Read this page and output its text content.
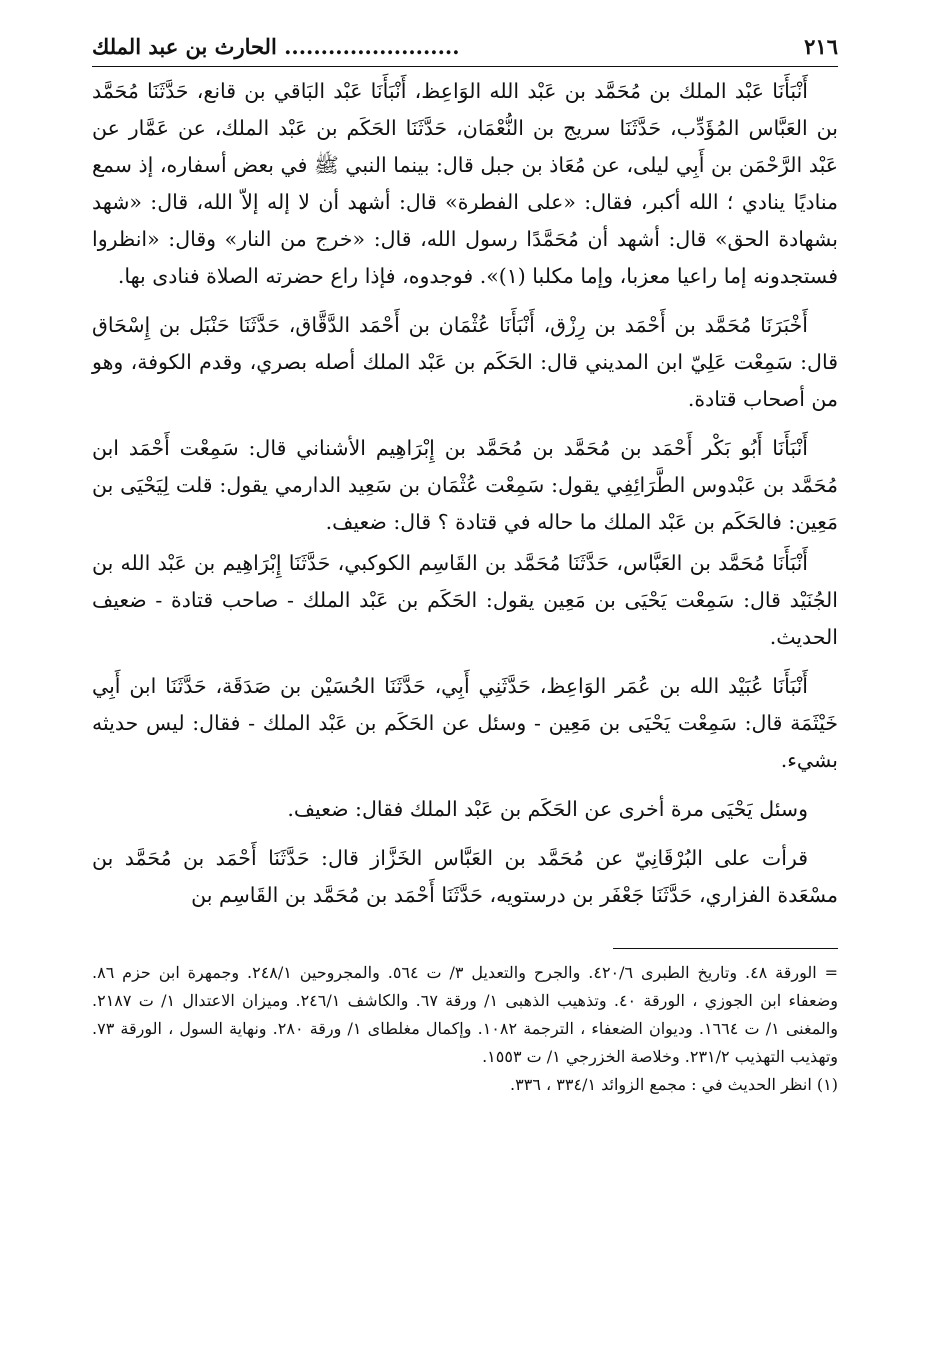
٢١٦
........................ الحارث بن عبد الملك

أَنْبَأَنَا عَبْد الملك بن مُحَمَّد بن عَبْد الله الوَاعِظ، أَنْبَأَنَا عَبْد البَاقي بن قانع، حَدَّثَنَا مُحَمَّد بن العَبَّاس المُؤَدِّب، حَدَّثَنَا سريج بن النُّعْمَان، حَدَّثَنَا الحَكَم بن عَبْد الملك، عن عَمَّار عن عَبْد الرَّحْمَن بن أَبِي ليلى، عن مُعَاذ بن جبل قال: بينما النبي ﷺ في بعض أسفاره، إذ سمع مناديًا ينادي ؛ الله أكبر، فقال: «على الفطرة» قال: أشهد أن لا إله إلاّ الله، قال: «شهد بشهادة الحق» قال: أشهد أن مُحَمَّدًا رسول الله، قال: «خرج من النار» وقال: «انظروا فستجدونه إما راعيا معزبا، وإما مكلبا (١)». فوجدوه، فإذا راع حضرته الصلاة فنادى بها.

أَخْبَرَنَا مُحَمَّد بن أَحْمَد بن رِزْق، أَنْبَأَنَا عُثْمَان بن أَحْمَد الدَّقَّاق، حَدَّثَنَا حَنْبَل بن إِسْحَاق قال: سَمِعْت عَلِيّ ابن المديني قال: الحَكَم بن عَبْد الملك أصله بصري، وقدم الكوفة، وهو من أصحاب قتادة.

أَنْبَأَنَا أَبُو بَكْر أَحْمَد بن مُحَمَّد بن مُحَمَّد بن إِبْرَاهِيم الأشناني قال: سَمِعْت أَحْمَد ابن مُحَمَّد بن عَبْدوس الطَّرَائِفِي يقول: سَمِعْت عُثْمَان بن سَعِيد الدارمي يقول: قلت لِيَحْيَى بن مَعِين: فالحَكَم بن عَبْد الملك ما حاله في قتادة ؟ قال: ضعيف.

أَنْبَأَنَا مُحَمَّد بن العَبَّاس، حَدَّثَنَا مُحَمَّد بن القَاسِم الكوكبي، حَدَّثَنَا إِبْرَاهِيم بن عَبْد الله بن الجُنَيْد قال: سَمِعْت يَحْيَى بن مَعِين يقول: الحَكَم بن عَبْد الملك - صاحب قتادة - ضعيف الحديث.

أَنْبَأَنَا عُبَيْد الله بن عُمَر الوَاعِظ، حَدَّثَنِي أَبِي، حَدَّثَنَا الحُسَيْن بن صَدَقَة، حَدَّثَنَا ابن أَبِي خَيْثَمَة قال: سَمِعْت يَحْيَى بن مَعِين - وسئل عن الحَكَم بن عَبْد الملك - فقال: ليس حديثه بشيء.

وسئل يَحْيَى مرة أخرى عن الحَكَم بن عَبْد الملك فقال: ضعيف.

قرأت على البُرْقَانِيّ عن مُحَمَّد بن العَبَّاس الخَزَّاز قال: حَدَّثَنَا أَحْمَد بن مُحَمَّد بن مسْعَدة الفزاري، حَدَّثَنَا جَعْفَر بن درستويه، حَدَّثَنَا أَحْمَد بن مُحَمَّد بن القَاسِم بن

= الورقة ٤٨. وتاريخ الطبرى ٤٢٠/٦. والجرح والتعديل ٣/ ت ٥٦٤. والمجروحين ٢٤٨/١. وجمهرة ابن حزم ٨٦. وضعفاء ابن الجوزي ، الورقة ٤٠. وتذهيب الذهبى ١/ ورقة ٦٧. والكاشف ٢٤٦/١. وميزان الاعتدال ١/ ت ٢١٨٧. والمغنى ١/ ت ١٦٦٤. وديوان الضعفاء ، الترجمة ١٠٨٢. وإكمال مغلطاى ١/ ورقة ٢٨٠. ونهاية السول ، الورقة ٧٣. وتهذيب التهذيب ٢٣١/٢. وخلاصة الخزرجي ١/ ت ١٥٥٣.

(١) انظر الحديث في : مجمع الزوائد ٣٣٤/١ ، ٣٣٦.
